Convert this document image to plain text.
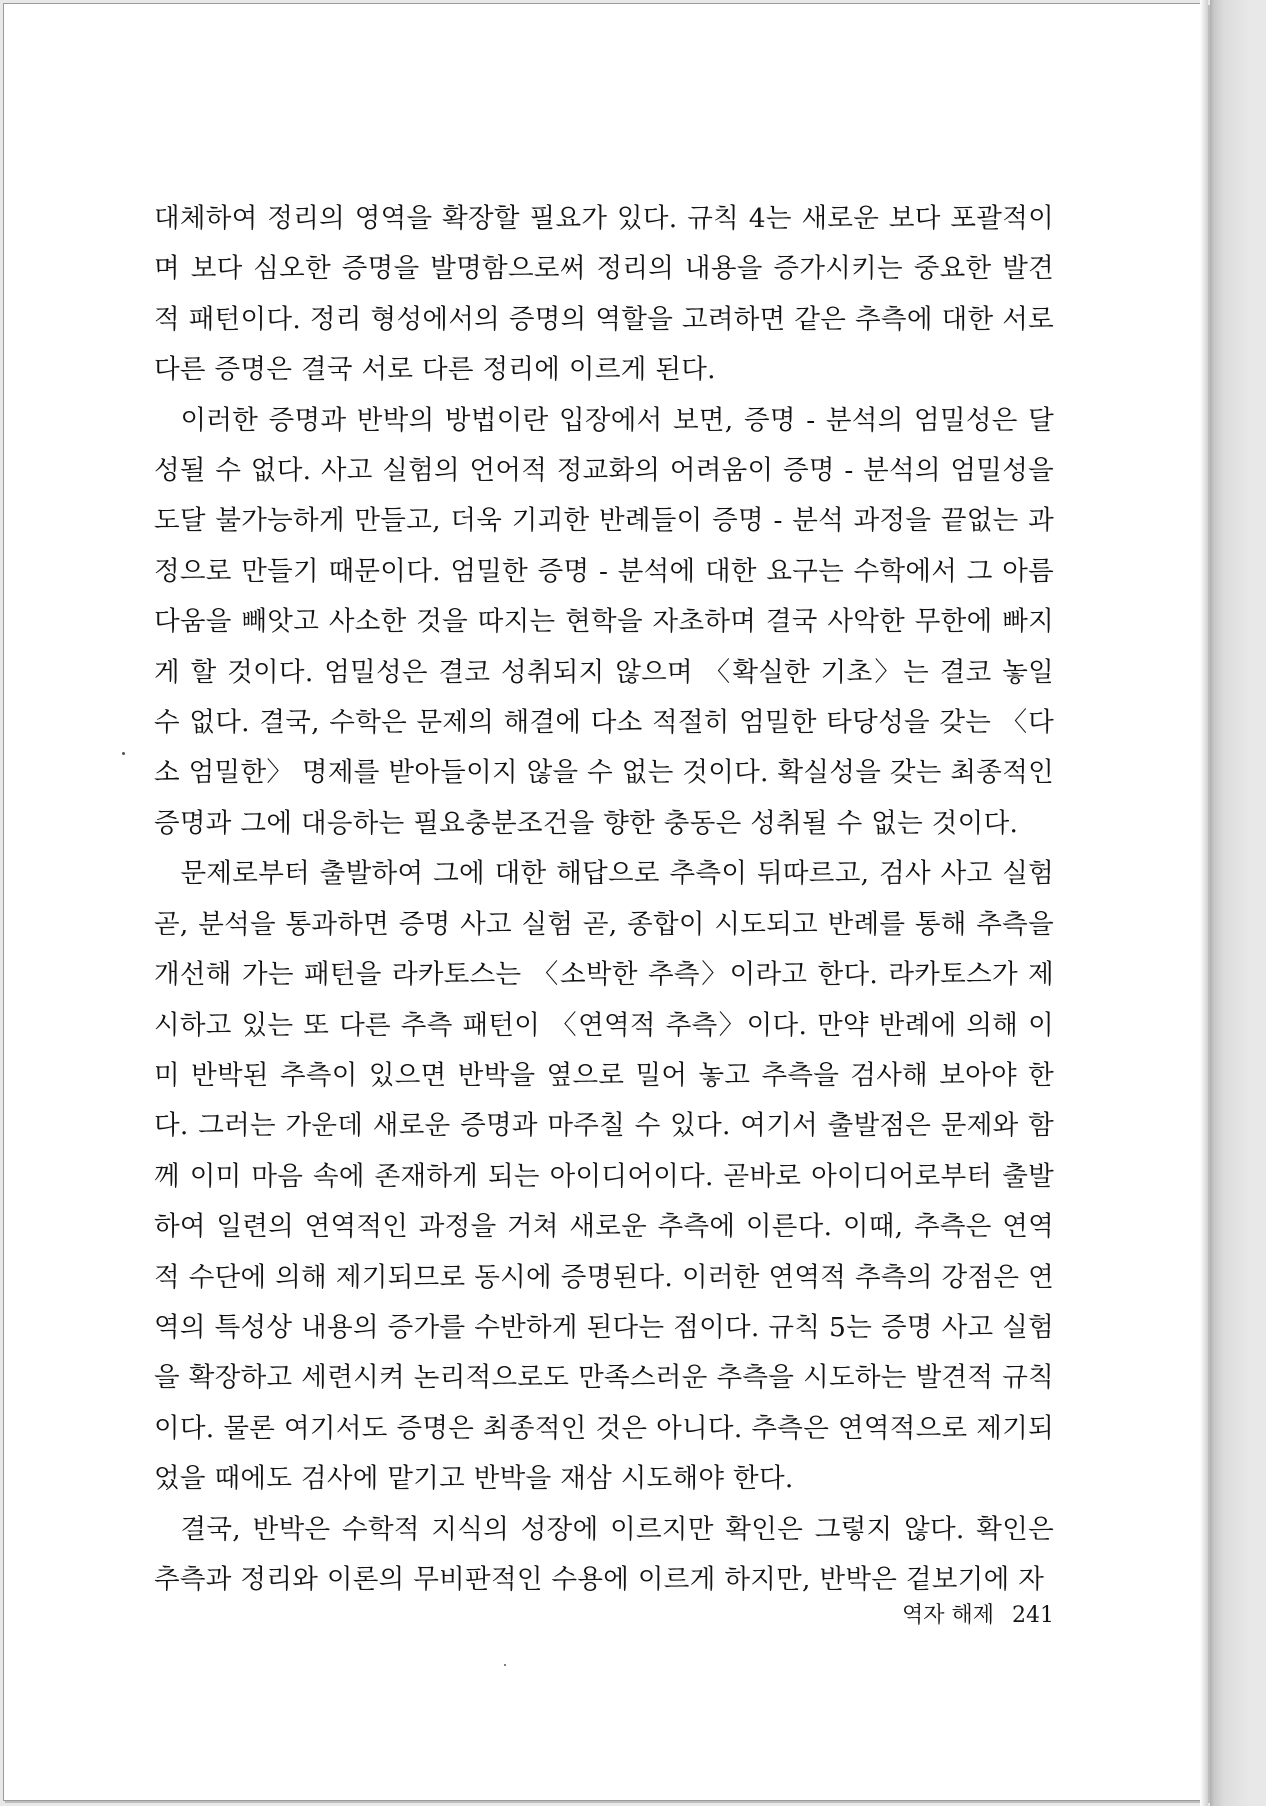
대체하여 정리의 영역을 확장할 필요가 있다. 규칙 4는 새로운 보다 포괄적이며 보다 심오한 증명을 발명함으로써 정리의 내용을 증가시키는 중요한 발견적 패턴이다. 정리 형성에서의 증명의 역할을 고려하면 같은 추측에 대한 서로 다른 증명은 결국 서로 다른 정리에 이르게 된다.

이러한 증명과 반박의 방법이란 입장에서 보면, 증명 - 분석의 엄밀성은 달성될 수 없다. 사고 실험의 언어적 정교화의 어려움이 증명 - 분석의 엄밀성을 도달 불가능하게 만들고, 더욱 기괴한 반례들이 증명 - 분석 과정을 끝없는 과정으로 만들기 때문이다. 엄밀한 증명 - 분석에 대한 요구는 수학에서 그 아름다움을 빼앗고 사소한 것을 따지는 현학을 자초하며 결국 사악한 무한에 빠지게 할 것이다. 엄밀성은 결코 성취되지 않으며 〈확실한 기초〉는 결코 놓일 수 없다. 결국, 수학은 문제의 해결에 다소 적절히 엄밀한 타당성을 갖는 〈다소 엄밀한〉 명제를 받아들이지 않을 수 없는 것이다. 확실성을 갖는 최종적인 증명과 그에 대응하는 필요충분조건을 향한 충동은 성취될 수 없는 것이다.

문제로부터 출발하여 그에 대한 해답으로 추측이 뒤따르고, 검사 사고 실험 곧, 분석을 통과하면 증명 사고 실험 곧, 종합이 시도되고 반례를 통해 추측을 개선해 가는 패턴을 라카토스는 〈소박한 추측〉이라고 한다. 라카토스가 제시하고 있는 또 다른 추측 패턴이 〈연역적 추측〉이다. 만약 반례에 의해 이미 반박된 추측이 있으면 반박을 옆으로 밀어 놓고 추측을 검사해 보아야 한다. 그러는 가운데 새로운 증명과 마주칠 수 있다. 여기서 출발점은 문제와 함께 이미 마음 속에 존재하게 되는 아이디어이다. 곧바로 아이디어로부터 출발하여 일련의 연역적인 과정을 거쳐 새로운 추측에 이른다. 이때, 추측은 연역적 수단에 의해 제기되므로 동시에 증명된다. 이러한 연역적 추측의 강점은 연역의 특성상 내용의 증가를 수반하게 된다는 점이다. 규칙 5는 증명 사고 실험을 확장하고 세련시켜 논리적으로도 만족스러운 추측을 시도하는 발견적 규칙이다. 물론 여기서도 증명은 최종적인 것은 아니다. 추측은 연역적으로 제기되었을 때에도 검사에 맡기고 반박을 재삼 시도해야 한다.

결국, 반박은 수학적 지식의 성장에 이르지만 확인은 그렇지 않다. 확인은 추측과 정리와 이론의 무비판적인 수용에 이르게 하지만, 반박은 겉보기에 자

역자 해제 241
